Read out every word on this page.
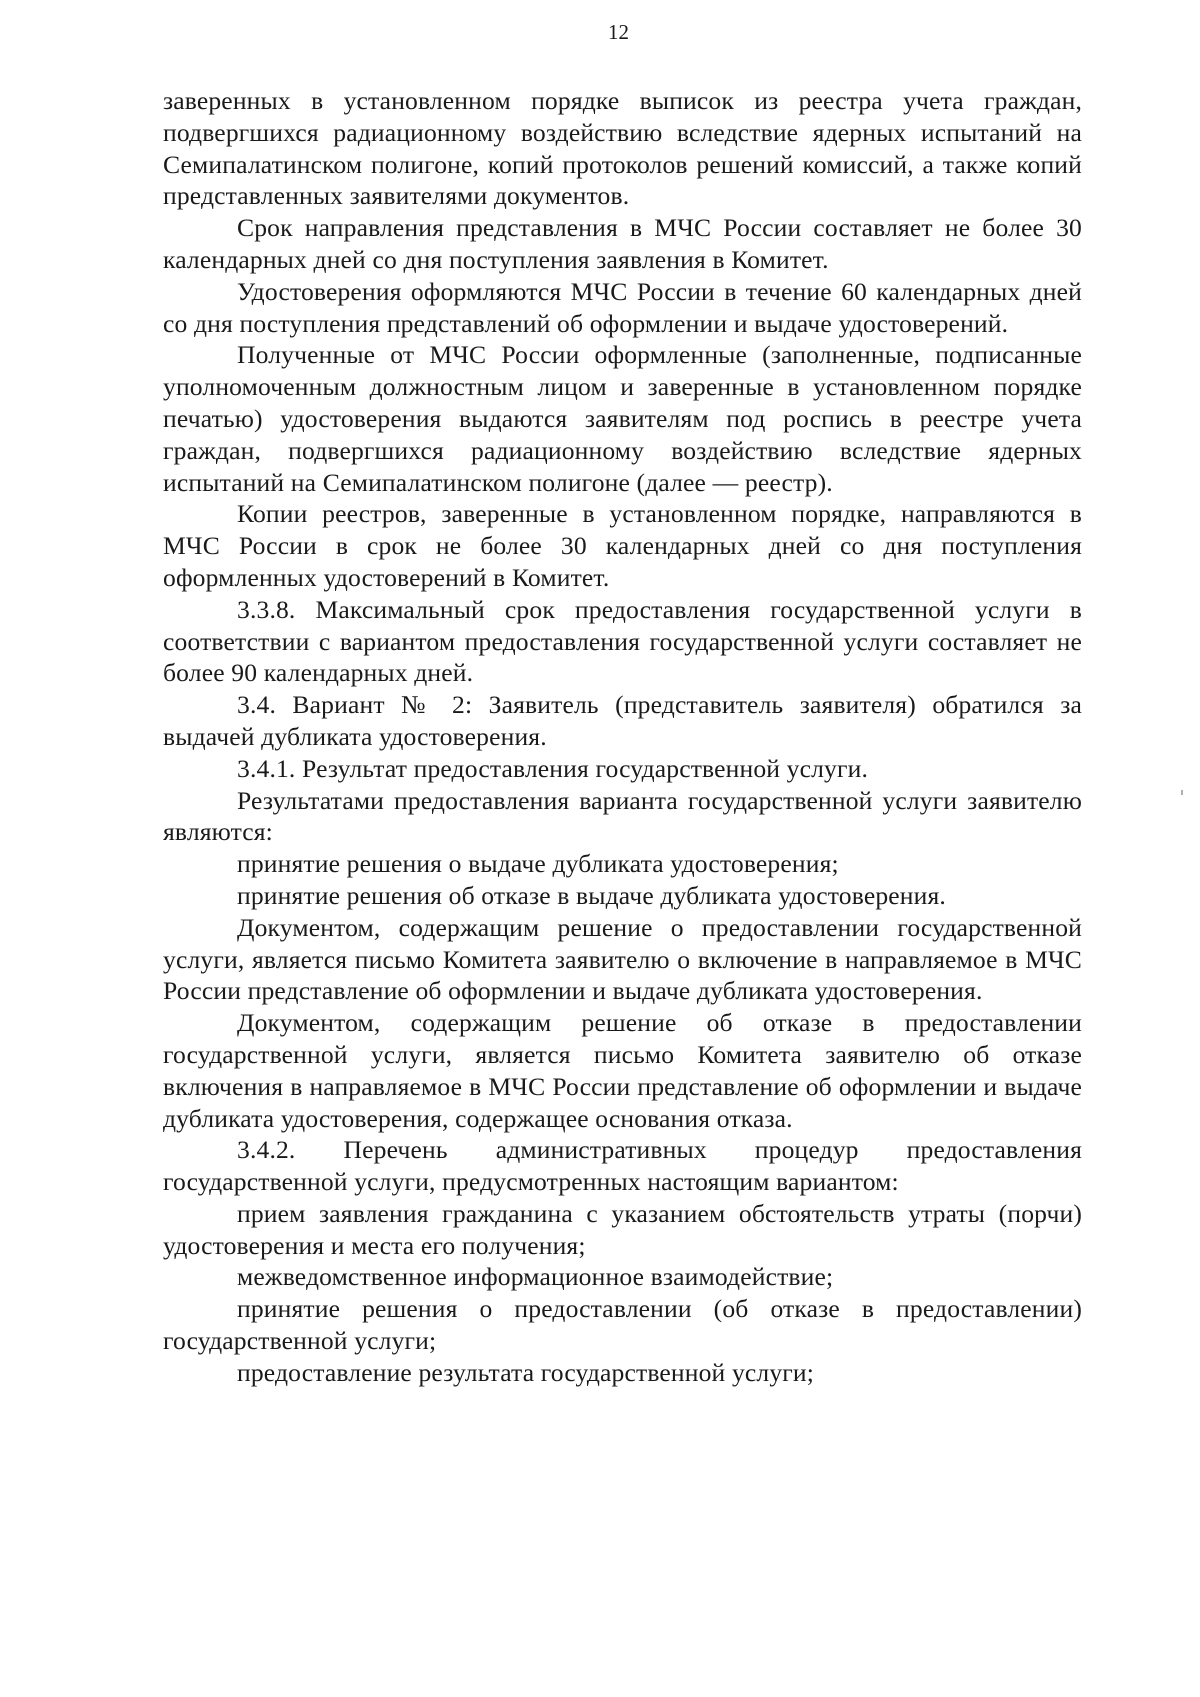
12

заверенных в установленном порядке выписок из реестра учета граждан, подвергшихся радиационному воздействию вследствие ядерных испытаний на Семипалатинском полигоне, копий протоколов решений комиссий, а также копий представленных заявителями документов.

Срок направления представления в МЧС России составляет не более 30 календарных дней со дня поступления заявления в Комитет.

Удостоверения оформляются МЧС России в течение 60 календарных дней со дня поступления представлений об оформлении и выдаче удостоверений.

Полученные от МЧС России оформленные (заполненные, подписанные уполномоченным должностным лицом и заверенные в установленном порядке печатью) удостоверения выдаются заявителям под роспись в реестре учета граждан, подвергшихся радиационному воздействию вследствие ядерных испытаний на Семипалатинском полигоне (далее — реестр).

Копии реестров, заверенные в установленном порядке, направляются в МЧС России в срок не более 30 календарных дней со дня поступления оформленных удостоверений в Комитет.

3.3.8. Максимальный срок предоставления государственной услуги в соответствии с вариантом предоставления государственной услуги составляет не более 90 календарных дней.

3.4. Вариант № 2: Заявитель (представитель заявителя) обратился за выдачей дубликата удостоверения.

3.4.1. Результат предоставления государственной услуги.

Результатами предоставления варианта государственной услуги заявителю являются:

принятие решения о выдаче дубликата удостоверения;

принятие решения об отказе в выдаче дубликата удостоверения.

Документом, содержащим решение о предоставлении государственной услуги, является письмо Комитета заявителю о включение в направляемое в МЧС России представление об оформлении и выдаче дубликата удостоверения.

Документом, содержащим решение об отказе в предоставлении государственной услуги, является письмо Комитета заявителю об отказе включения в направляемое в МЧС России представление об оформлении и выдаче дубликата удостоверения, содержащее основания отказа.

3.4.2. Перечень административных процедур предоставления государственной услуги, предусмотренных настоящим вариантом:

прием заявления гражданина с указанием обстоятельств утраты (порчи) удостоверения и места его получения;

межведомственное информационное взаимодействие;

принятие решения о предоставлении (об отказе в предоставлении) государственной услуги;

предоставление результата государственной услуги;
